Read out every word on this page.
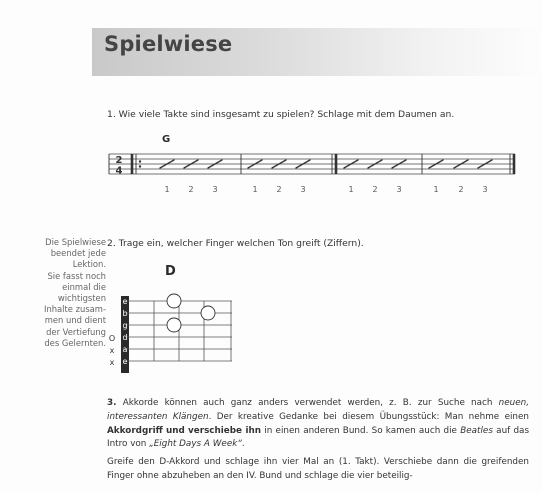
Spielwiese
1. Wie viele Takte sind insgesamt zu spielen? Schlage mit dem Daumen an.
G
2
4
1 2 3	1 2 3	1 2 3	1 2 3
Die Spielwiese
beendet jede
Lektion.
Sie fasst noch
einmal die
wichtigsten
Inhalte zusam-
men und dient
der Vertiefung
des Gelernten.
2. Trage ein, welcher Finger welchen Ton greift (Ziffern).
D
e
b
g
d
a
e
O
x
x

3. Akkorde können auch ganz anders verwendet werden, z. B. zur Suche nach neuen, interessanten Klängen. Der kreative Gedanke bei diesem Übungsstück: Man nehme einen Akkordgriff und verschiebe ihn in einen anderen Bund. So kamen auch die Beatles auf das Intro von „Eight Days A Week“.

Greife den D-Akkord und schlage ihn vier Mal an (1. Takt). Verschiebe dann die greifenden Finger ohne abzuheben an den IV. Bund und schlage die vier beteilig-
